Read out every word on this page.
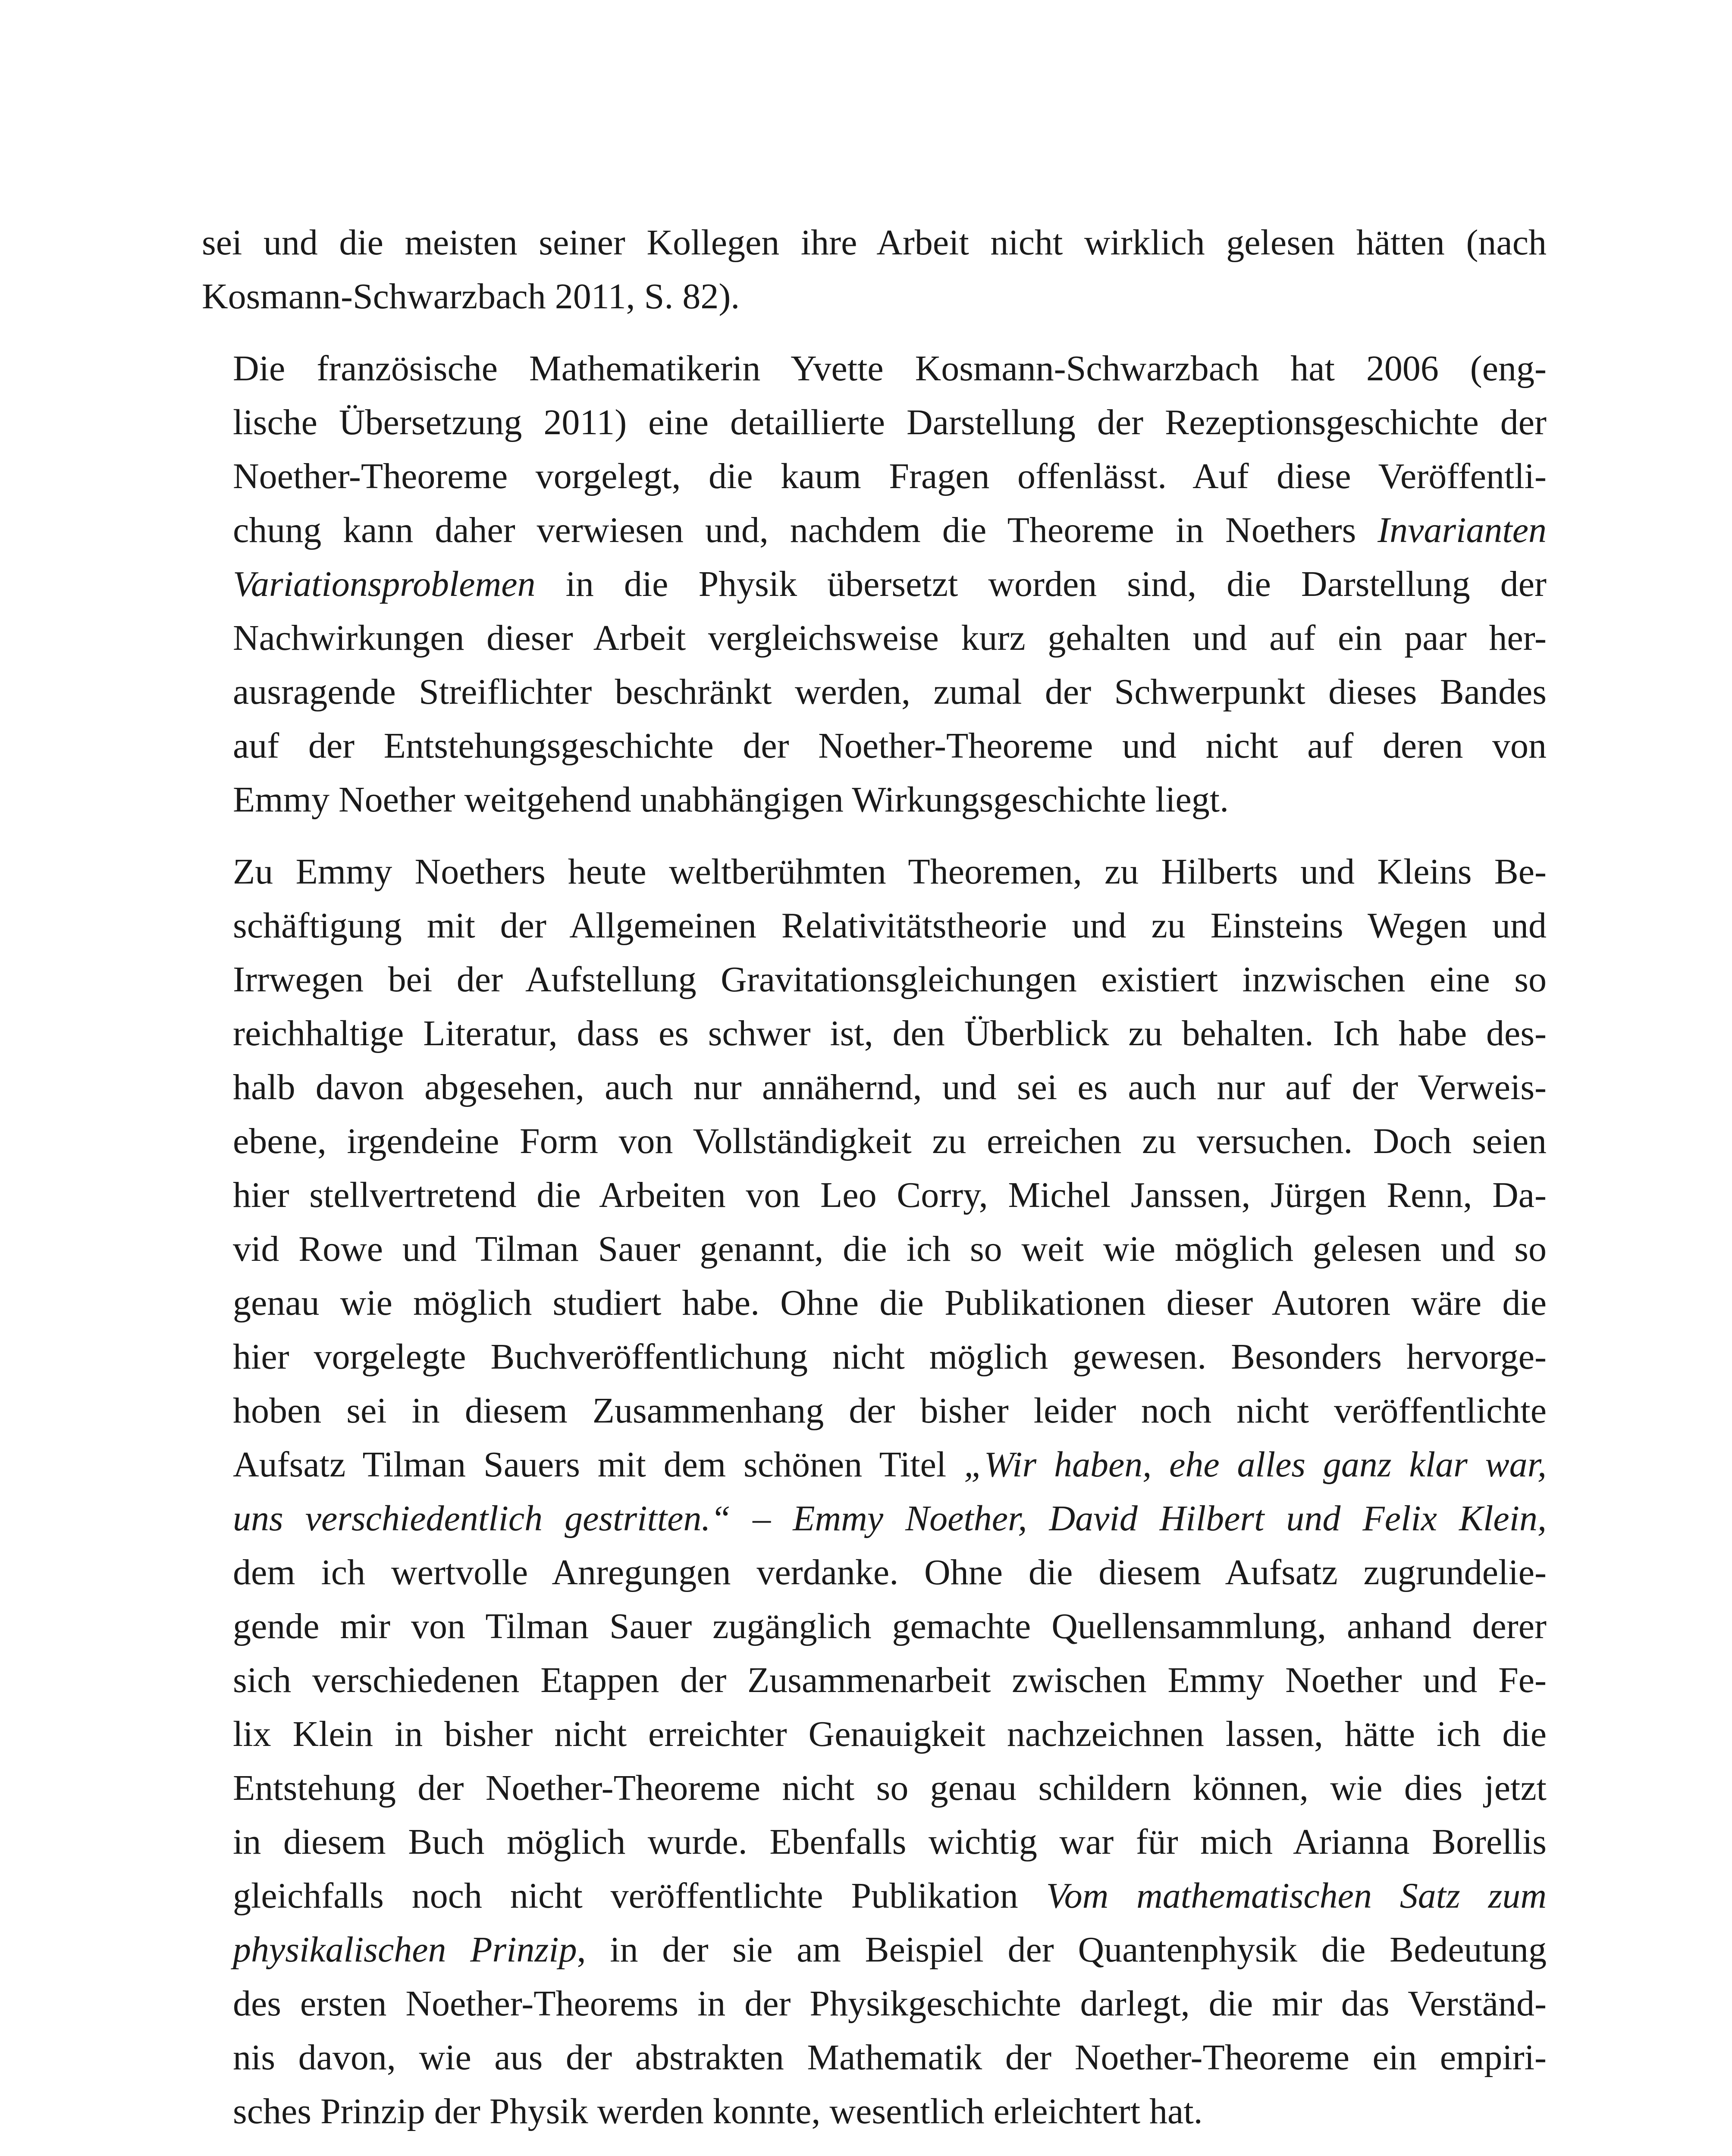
sei und die meisten seiner Kollegen ihre Arbeit nicht wirklich gelesen hätten (nach
Kosmann-Schwarzbach 2011, S. 82).

Die französische Mathematikerin Yvette Kosmann-Schwarzbach hat 2006 (eng-
lische Übersetzung 2011) eine detaillierte Darstellung der Rezeptionsgeschichte der
Noether-Theoreme vorgelegt, die kaum Fragen offenlässt. Auf diese Veröffentli-
chung kann daher verwiesen und, nachdem die Theoreme in Noethers Invarianten
Variationsproblemen in die Physik übersetzt worden sind, die Darstellung der
Nachwirkungen dieser Arbeit vergleichsweise kurz gehalten und auf ein paar her-
ausragende Streiflichter beschränkt werden, zumal der Schwerpunkt dieses Bandes
auf der Entstehungsgeschichte der Noether-Theoreme und nicht auf deren von
Emmy Noether weitgehend unabhängigen Wirkungsgeschichte liegt.

Zu Emmy Noethers heute weltberühmten Theoremen, zu Hilberts und Kleins Be-
schäftigung mit der Allgemeinen Relativitätstheorie und zu Einsteins Wegen und
Irrwegen bei der Aufstellung Gravitationsgleichungen existiert inzwischen eine so
reichhaltige Literatur, dass es schwer ist, den Überblick zu behalten. Ich habe des-
halb davon abgesehen, auch nur annähernd, und sei es auch nur auf der Verweis-
ebene, irgendeine Form von Vollständigkeit zu erreichen zu versuchen. Doch seien
hier stellvertretend die Arbeiten von Leo Corry, Michel Janssen, Jürgen Renn, Da-
vid Rowe und Tilman Sauer genannt, die ich so weit wie möglich gelesen und so
genau wie möglich studiert habe. Ohne die Publikationen dieser Autoren wäre die
hier vorgelegte Buchveröffentlichung nicht möglich gewesen. Besonders hervorge-
hoben sei in diesem Zusammenhang der bisher leider noch nicht veröffentlichte
Aufsatz Tilman Sauers mit dem schönen Titel „Wir haben, ehe alles ganz klar war,
uns verschiedentlich gestritten.“ – Emmy Noether, David Hilbert und Felix Klein,
dem ich wertvolle Anregungen verdanke. Ohne die diesem Aufsatz zugrundelie-
gende mir von Tilman Sauer zugänglich gemachte Quellensammlung, anhand derer
sich verschiedenen Etappen der Zusammenarbeit zwischen Emmy Noether und Fe-
lix Klein in bisher nicht erreichter Genauigkeit nachzeichnen lassen, hätte ich die
Entstehung der Noether-Theoreme nicht so genau schildern können, wie dies jetzt
in diesem Buch möglich wurde. Ebenfalls wichtig war für mich Arianna Borellis
gleichfalls noch nicht veröffentlichte Publikation Vom mathematischen Satz zum
physikalischen Prinzip, in der sie am Beispiel der Quantenphysik die Bedeutung
des ersten Noether-Theorems in der Physikgeschichte darlegt, die mir das Verständ-
nis davon, wie aus der abstrakten Mathematik der Noether-Theoreme ein empiri-
sches Prinzip der Physik werden konnte, wesentlich erleichtert hat.
